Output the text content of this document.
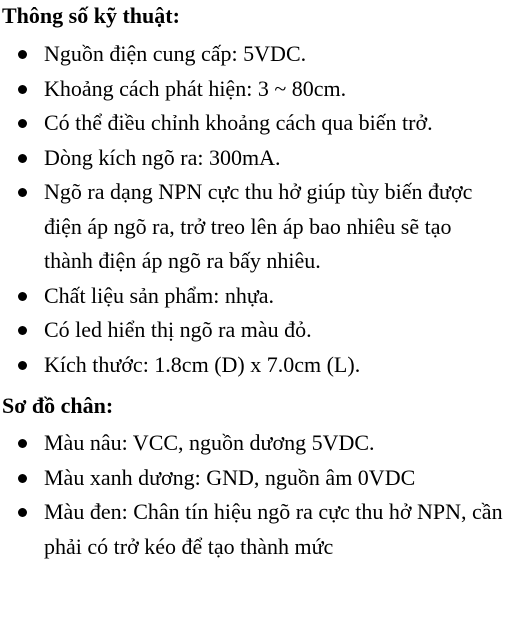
Thông số kỹ thuật:
Nguồn điện cung cấp: 5VDC.
Khoảng cách phát hiện: 3 ~ 80cm.
Có thể điều chỉnh khoảng cách qua biến trở.
Dòng kích ngõ ra: 300mA.
Ngõ ra dạng NPN cực thu hở giúp tùy biến được điện áp ngõ ra, trở treo lên áp bao nhiêu sẽ tạo thành điện áp ngõ ra bấy nhiêu.
Chất liệu sản phẩm: nhựa.
Có led hiển thị ngõ ra màu đỏ.
Kích thước: 1.8cm (D) x 7.0cm (L).
Sơ đồ chân:
Màu nâu: VCC, nguồn dương 5VDC.
Màu xanh dương: GND, nguồn âm 0VDC
Màu đen: Chân tín hiệu ngõ ra cực thu hở NPN, cần phải có trở kéo để tạo thành mức
